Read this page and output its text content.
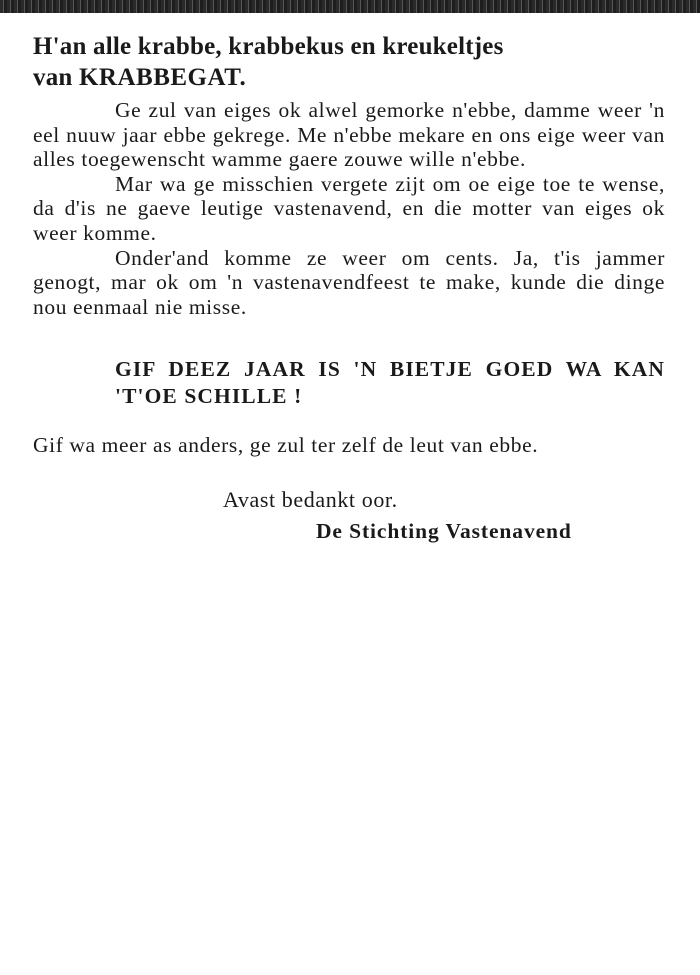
H'an alle krabbe, krabbekus en kreukeltjes
van KRABBEGAT.

Ge zul van eiges ok alwel gemorke n'ebbe, damme weer 'n eel nuuw jaar ebbe gekrege. Me n'ebbe mekare en ons eige weer van alles toegewenscht wamme gaere zouwe wille n'ebbe.

Mar wa ge misschien vergete zijt om oe eige toe te wense, da d'is ne gaeve leutige vastenavend, en die motter van eiges ok weer komme.

Onder'and komme ze weer om cents. Ja, t'is jammer genogt, mar ok om 'n vastenavendfeest te make, kunde die dinge nou eenmaal nie misse.

GIF DEEZ JAAR IS 'N BIETJE GOED WA KAN 'T'OE SCHILLE !

Gif wa meer as anders, ge zul ter zelf de leut van ebbe.

Avast bedankt oor.

De Stichting Vastenavend
